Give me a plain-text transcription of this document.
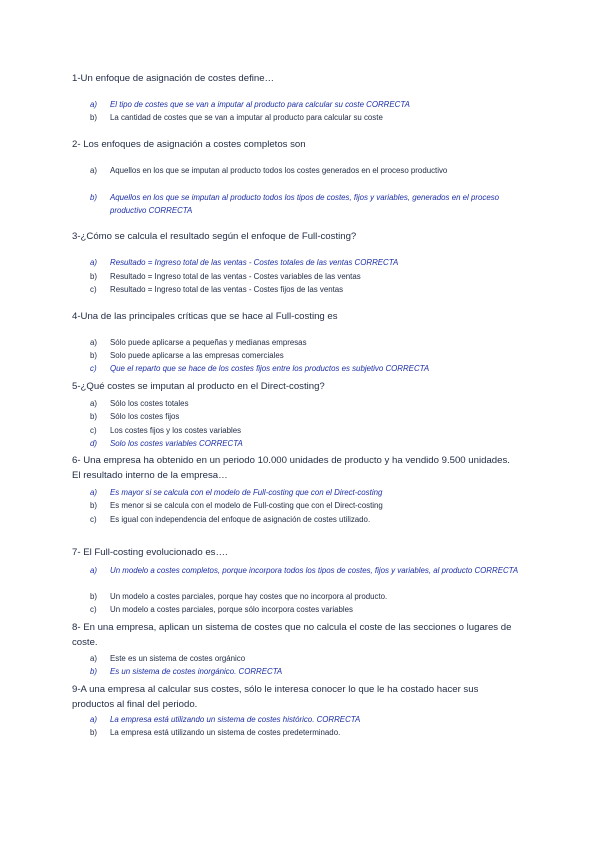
1-Un enfoque de asignación de costes define…
a)	El tipo de costes que se van a imputar al producto para calcular su coste CORRECTA
b)	La cantidad de costes que se van a imputar al producto para calcular su coste
2- Los enfoques de asignación a costes completos son
a)	Aquellos en los que se imputan al producto todos los costes generados en el proceso productivo
b)	Aquellos en los que se imputan al producto todos los tipos de costes, fijos y variables, generados en el proceso productivo CORRECTA
3-¿Cómo se calcula el resultado según el enfoque de Full-costing?
a)	Resultado = Ingreso total de las ventas - Costes totales de las ventas CORRECTA
b)	Resultado = Ingreso total de las ventas - Costes variables de las ventas
c)	Resultado = Ingreso total de las ventas - Costes fijos de las ventas
4-Una de las principales críticas que se hace al Full-costing es
a)	Sólo puede aplicarse a pequeñas y medianas empresas
b)	Solo puede aplicarse a las empresas comerciales
c)	Que el reparto que se hace de los costes fijos entre los productos es subjetivo CORRECTA
5-¿Qué costes se imputan al producto en el Direct-costing?
a)	Sólo los costes totales
b)	Sólo los costes fijos
c)	Los costes fijos y los costes variables
d)	Solo los costes variables CORRECTA
6- Una empresa ha obtenido en un periodo 10.000 unidades de producto y ha vendido 9.500 unidades. El resultado interno de la empresa…
a)	Es mayor si se calcula con el modelo de Full-costing que con el Direct-costing
b)	Es menor si se calcula con el modelo de Full-costing que con el Direct-costing
c)	Es igual con independencia del enfoque de asignación de costes utilizado.
7- El Full-costing evolucionado es….
a)	Un modelo a costes completos, porque incorpora todos los tipos de costes, fijos y variables, al producto CORRECTA
b)	Un modelo a costes parciales, porque hay costes que no incorpora al producto.
c)	Un modelo a costes parciales, porque sólo incorpora costes variables
8- En una empresa, aplican un sistema de costes que no calcula el coste de las secciones o lugares de coste.
a)	Este es un sistema de costes orgánico
b)	Es un sistema de costes inorgánico. CORRECTA
9-A una empresa al calcular sus costes, sólo le interesa conocer lo que le ha costado hacer sus productos al final del periodo.
a)	La empresa está utilizando un sistema de costes histórico. CORRECTA
b)	La empresa está utilizando un sistema de costes predeterminado.
